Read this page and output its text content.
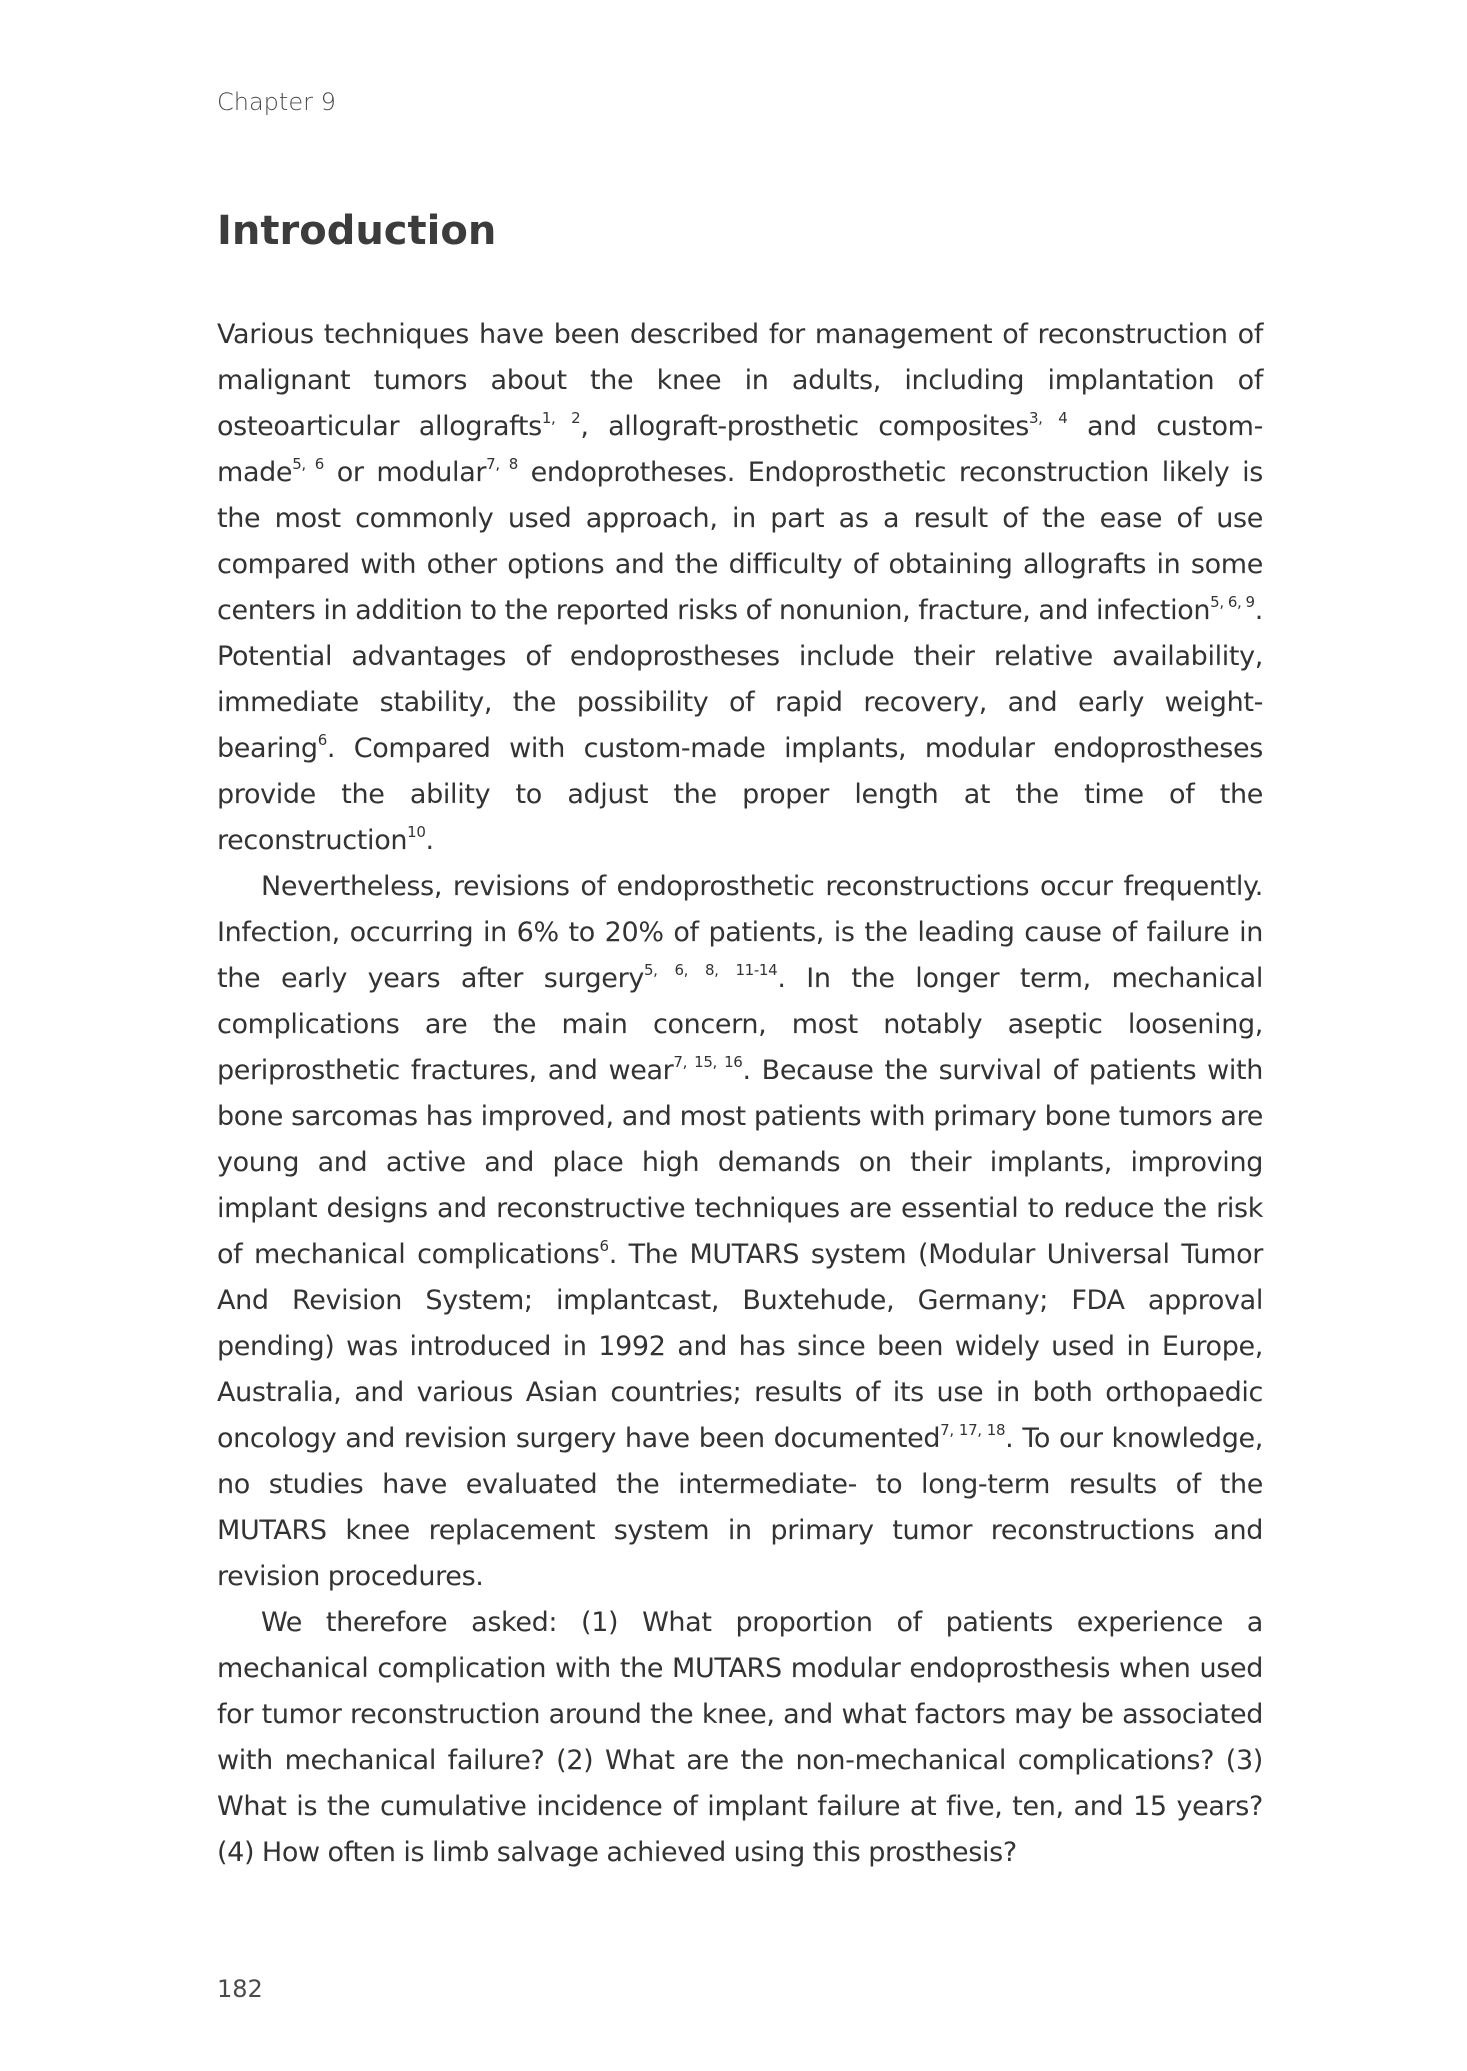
Chapter 9
Introduction

Various techniques have been described for management of reconstruction of malignant tumors about the knee in adults, including implantation of osteoarticular allografts$^{1, 2}$, allograft-prosthetic composites$^{3, 4}$ and custom-made$^{5, 6}$ or modular$^{7, 8}$ endoprotheses. Endoprosthetic reconstruction likely is the most commonly used approach, in part as a result of the ease of use compared with other options and the difficulty of obtaining allografts in some centers in addition to the reported risks of nonunion, fracture, and infection$^{5, 6, 9}$. Potential advantages of endoprostheses include their relative availability, immediate stability, the possibility of rapid recovery, and early weight-bearing$^6$. Compared with custom-made implants, modular endoprostheses provide the ability to adjust the proper length at the time of the reconstruction$^{10}$.

Nevertheless, revisions of endoprosthetic reconstructions occur frequently. Infection, occurring in 6% to 20% of patients, is the leading cause of failure in the early years after surgery$^{5, 6, 8, 11-14}$. In the longer term, mechanical complications are the main concern, most notably aseptic loosening, periprosthetic fractures, and wear$^{7, 15, 16}$. Because the survival of patients with bone sarcomas has improved, and most patients with primary bone tumors are young and active and place high demands on their implants, improving implant designs and reconstructive techniques are essential to reduce the risk of mechanical complications$^6$. The MUTARS system (Modular Universal Tumor And Revision System; implantcast, Buxtehude, Germany; FDA approval pending) was introduced in 1992 and has since been widely used in Europe, Australia, and various Asian countries; results of its use in both orthopaedic oncology and revision surgery have been documented$^{7, 17, 18}$. To our knowledge, no studies have evaluated the intermediate- to long-term results of the MUTARS knee replacement system in primary tumor reconstructions and revision procedures.

We therefore asked: (1) What proportion of patients experience a mechanical complication with the MUTARS modular endoprosthesis when used for tumor reconstruction around the knee, and what factors may be associated with mechanical failure? (2) What are the non-mechanical complications? (3) What is the cumulative incidence of implant failure at five, ten, and 15 years? (4) How often is limb salvage achieved using this prosthesis?

182
